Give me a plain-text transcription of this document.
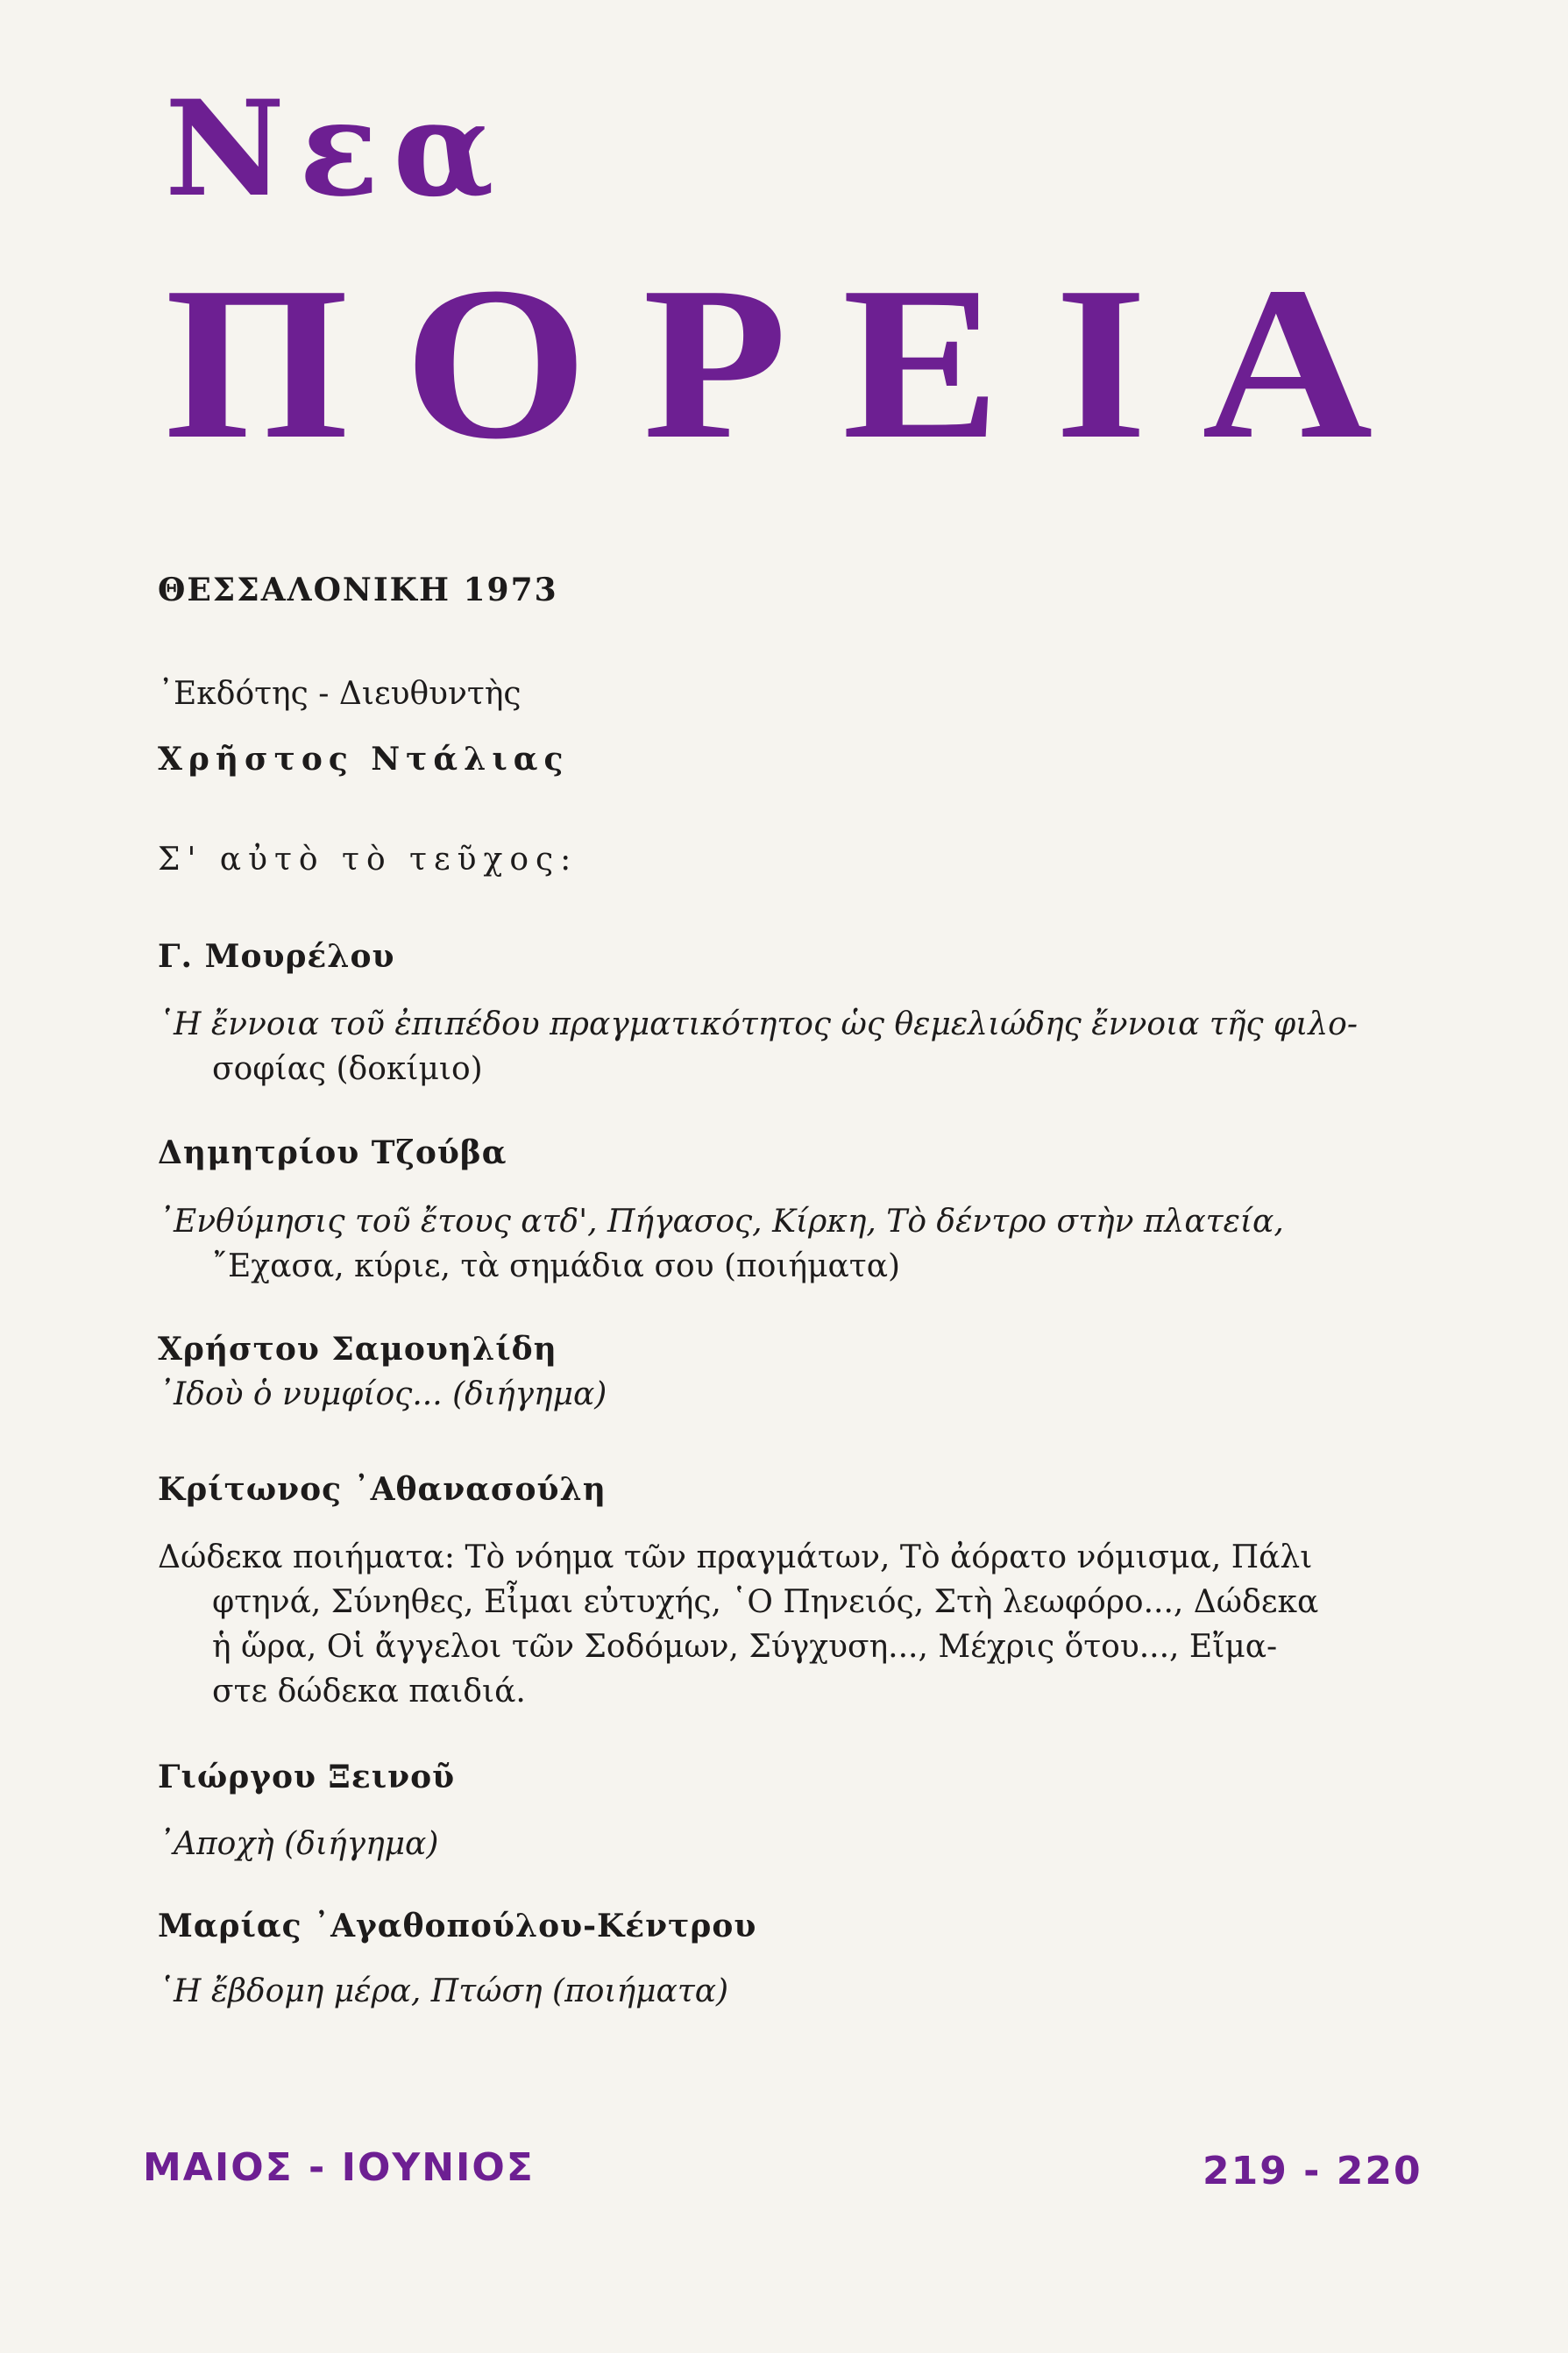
Νεα
ΠΟΡΕΙΑ
ΘΕΣΣΑΛΟΝΙΚΗ 1973
᾿Εκδότης - Διευθυντὴς
Χρῆστος Ντάλιας
Σ' αὐτὸ τὸ τεῦχος:
Γ. Μουρέλου
῾Η ἔννοια τοῦ ἐπιπέδου πραγματικότητος ὡς θεμελιώδης ἔννοια τῆς φιλο-
σοφίας (δοκίμιο)
Δημητρίου Τζούβα
᾿Ενθύμησις τοῦ ἔτους ατδ', Πήγασος, Κίρκη, Τὸ δέντρο στὴν πλατεία,
῎Εχασα, κύριε, τὰ σημάδια σου (ποιήματα)
Χρήστου Σαμουηλίδη
᾿Ιδοὺ ὁ νυμφίος... (διήγημα)
Κρίτωνος ᾿Αθανασούλη
Δώδεκα ποιήματα: Τὸ νόημα τῶν πραγμάτων, Τὸ ἀόρατο νόμισμα, Πάλι
φτηνά, Σύνηθες, Εἶμαι εὐτυχής, ῾Ο Πηνειός, Στὴ λεωφόρο..., Δώδεκα
ἡ ὥρα, Οἱ ἄγγελοι τῶν Σοδόμων, Σύγχυση..., Μέχρις ὅτου..., Εἴμα-
στε δώδεκα παιδιά.
Γιώργου Ξεινοῦ
᾿Αποχὴ (διήγημα)
Μαρίας ᾿Αγαθοπούλου-Κέντρου
῾Η ἔβδομη μέρα, Πτώση (ποιήματα)
ΜΑΙΟΣ - ΙΟΥΝΙΟΣ	219 - 220
